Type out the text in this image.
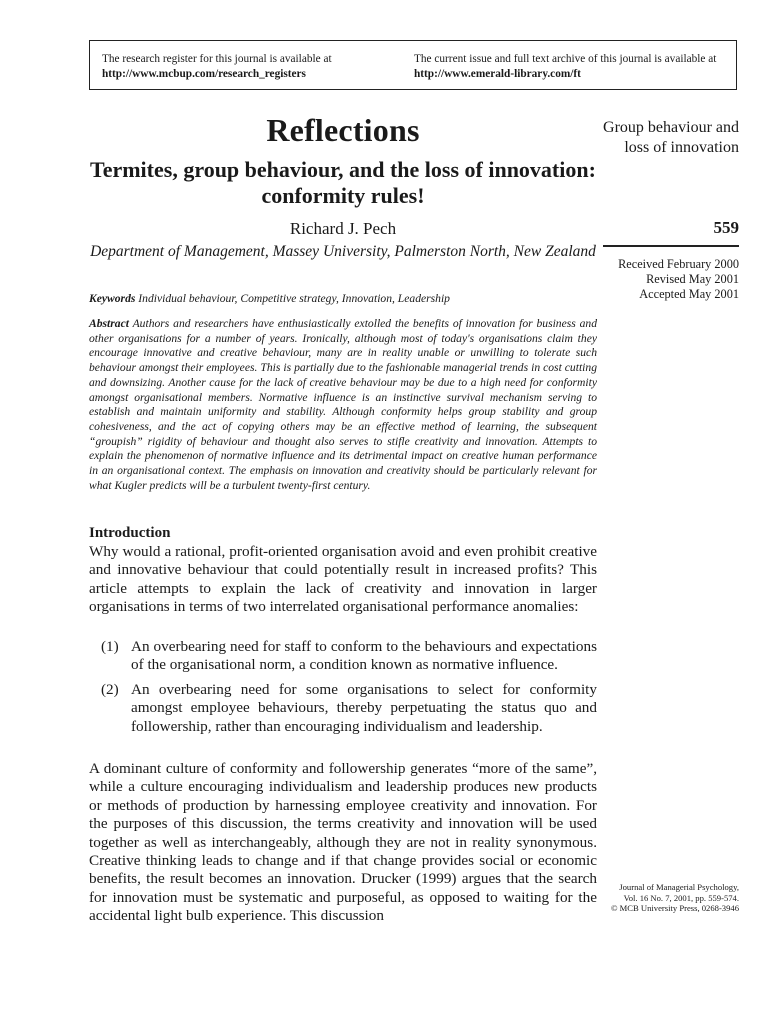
The research register for this journal is available at
http://www.mcbup.com/research_registers
The current issue and full text archive of this journal is available at
http://www.emerald-library.com/ft
Reflections
Termites, group behaviour, and the loss of innovation: conformity rules!
Richard J. Pech
Department of Management, Massey University, Palmerston North, New Zealand
Keywords Individual behaviour, Competitive strategy, Innovation, Leadership
Abstract Authors and researchers have enthusiastically extolled the benefits of innovation for business and other organisations for a number of years. Ironically, although most of today's organisations claim they encourage innovative and creative behaviour, many are in reality unable or unwilling to tolerate such behaviour amongst their employees. This is partially due to the fashionable managerial trends in cost cutting and downsizing. Another cause for the lack of creative behaviour may be due to a high need for conformity amongst organisational members. Normative influence is an instinctive survival mechanism serving to establish and maintain uniformity and stability. Although conformity helps group stability and group cohesiveness, and the act of copying others may be an effective method of learning, the subsequent “groupish” rigidity of behaviour and thought also serves to stifle creativity and innovation. Attempts to explain the phenomenon of normative influence and its detrimental impact on creative human performance in an organisational context. The emphasis on innovation and creativity should be particularly relevant for what Kugler predicts will be a turbulent twenty-first century.
Introduction
Why would a rational, profit-oriented organisation avoid and even prohibit creative and innovative behaviour that could potentially result in increased profits? This article attempts to explain the lack of creativity and innovation in larger organisations in terms of two interrelated organisational performance anomalies:
(1) An overbearing need for staff to conform to the behaviours and expectations of the organisational norm, a condition known as normative influence.
(2) An overbearing need for some organisations to select for conformity amongst employee behaviours, thereby perpetuating the status quo and followership, rather than encouraging individualism and leadership.
A dominant culture of conformity and followership generates “more of the same”, while a culture encouraging individualism and leadership produces new products or methods of production by harnessing employee creativity and innovation. For the purposes of this discussion, the terms creativity and innovation will be used together as well as interchangeably, although they are not in reality synonymous. Creative thinking leads to change and if that change provides social or economic benefits, the result becomes an innovation. Drucker (1999) argues that the search for innovation must be systematic and purposeful, as opposed to waiting for the accidental light bulb experience. This discussion
Group behaviour and loss of innovation
559
Received February 2000
Revised May 2001
Accepted May 2001
Journal of Managerial Psychology,
Vol. 16 No. 7, 2001, pp. 559-574.
© MCB University Press, 0268-3946
